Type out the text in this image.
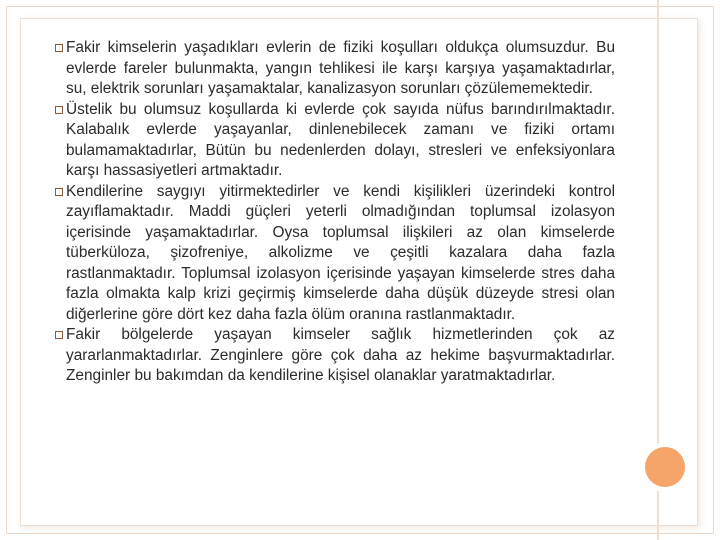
Fakir kimselerin yaşadıkları evlerin de fiziki koşulları oldukça olumsuzdur. Bu evlerde fareler bulunmakta, yangın tehlikesi ile karşı karşıya yaşamaktadırlar, su, elektrik sorunları yaşamaktalar, kanalizasyon sorunları çözülememektedir.
Üstelik bu olumsuz koşullarda ki evlerde çok sayıda nüfus barındırılmaktadır. Kalabalık evlerde yaşayanlar, dinlenebilecek zamanı ve fiziki ortamı bulamamaktadırlar, Bütün bu nedenlerden dolayı, stresleri ve enfeksiyonlara karşı hassasiyetleri artmaktadır.
Kendilerine saygıyı yitirmektedirler ve kendi kişilikleri üzerindeki kontrol zayıflamaktadır. Maddi güçleri yeterli olmadığından toplumsal izolasyon içerisinde yaşamaktadırlar. Oysa toplumsal ilişkileri az olan kimselerde tüberküloza, şizofreniye, alkolizme ve çeşitli kazalara daha fazla rastlanmaktadır. Toplumsal izolasyon içerisinde yaşayan kimselerde stres daha fazla olmakta kalp krizi geçirmiş kimselerde daha düşük düzeyde stresi olan diğerlerine göre dört kez daha fazla ölüm oranına rastlanmaktadır.
Fakir bölgelerde yaşayan kimseler sağlık hizmetlerinden çok az yararlanmaktadırlar. Zenginlere göre çok daha az hekime başvurmaktadırlar. Zenginler bu bakımdan da kendilerine kişisel olanaklar yaratmaktadırlar.
